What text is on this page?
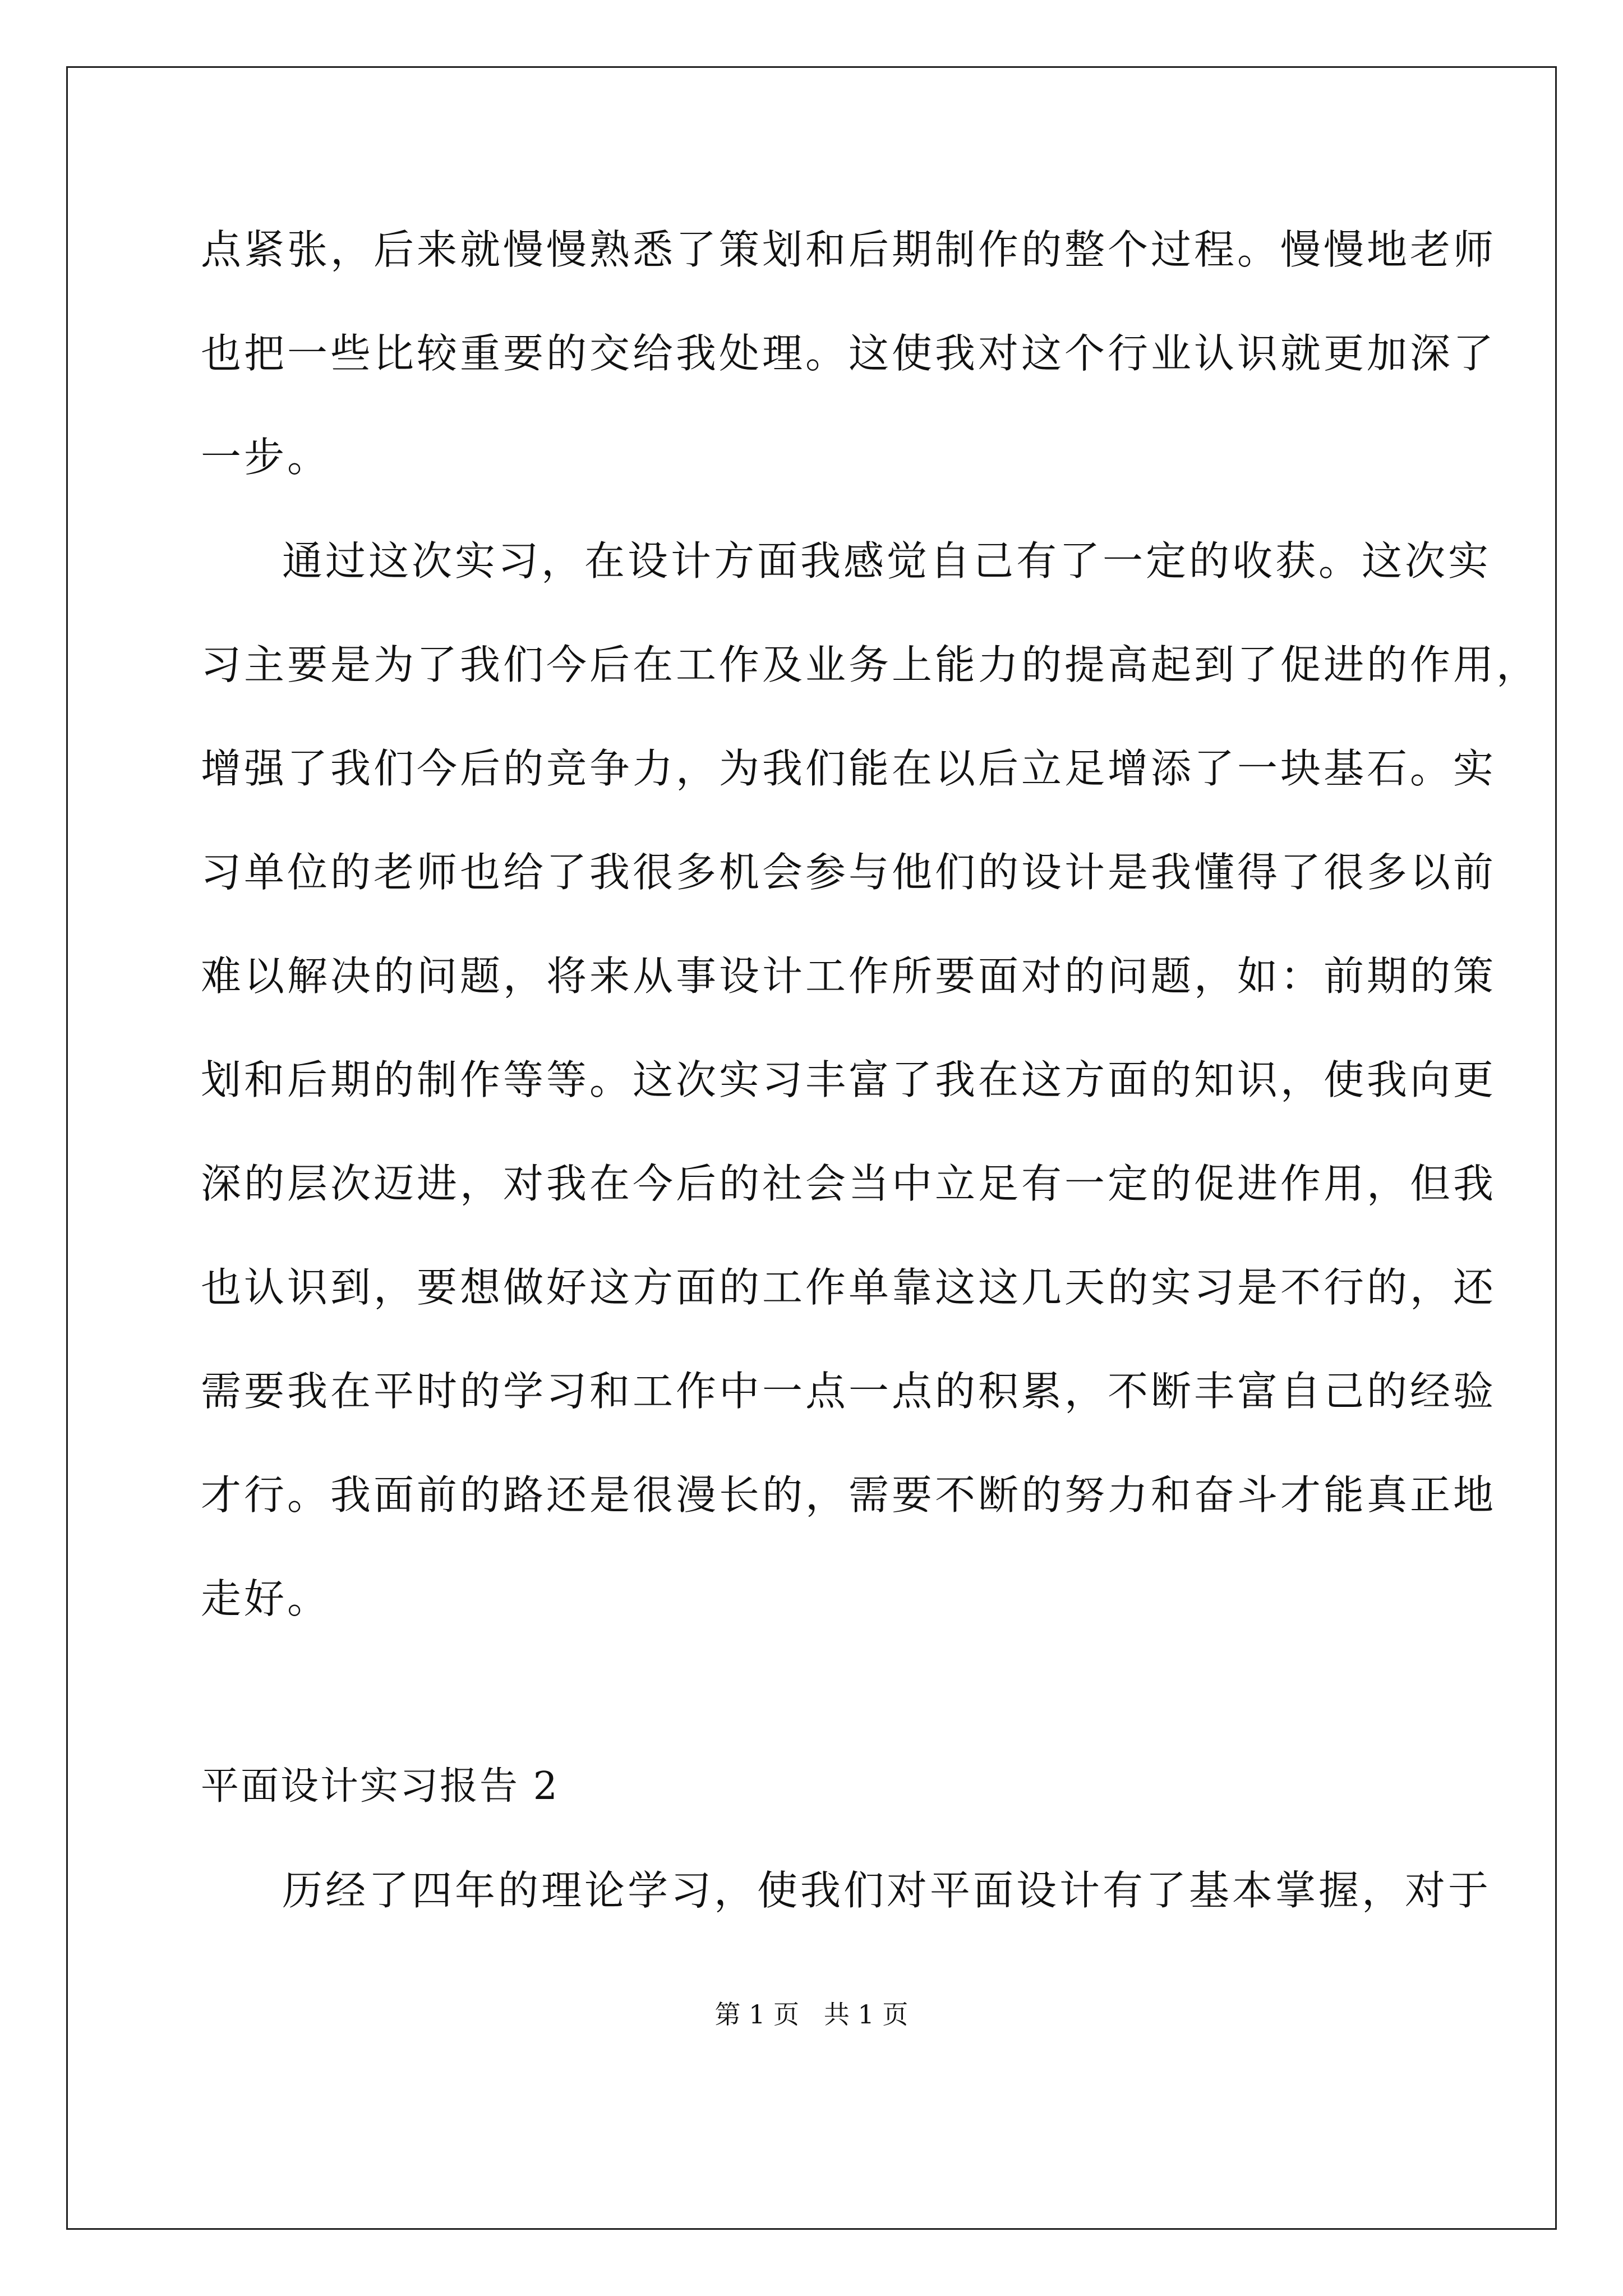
点紧张，后来就慢慢熟悉了策划和后期制作的整个过程。慢慢地老师
也把一些比较重要的交给我处理。这使我对这个行业认识就更加深了
一步。
通过这次实习，在设计方面我感觉自己有了一定的收获。这次实
习主要是为了我们今后在工作及业务上能力的提高起到了促进的作用，
增强了我们今后的竞争力，为我们能在以后立足增添了一块基石。实
习单位的老师也给了我很多机会参与他们的设计是我懂得了很多以前
难以解决的问题，将来从事设计工作所要面对的问题，如：前期的策
划和后期的制作等等。这次实习丰富了我在这方面的知识，使我向更
深的层次迈进，对我在今后的社会当中立足有一定的促进作用，但我
也认识到，要想做好这方面的工作单靠这这几天的实习是不行的，还
需要我在平时的学习和工作中一点一点的积累，不断丰富自己的经验
才行。我面前的路还是很漫长的，需要不断的努力和奋斗才能真正地
走好。
平面设计实习报告 2
历经了四年的理论学习，使我们对平面设计有了基本掌握，对于
第 1 页   共 1 页
